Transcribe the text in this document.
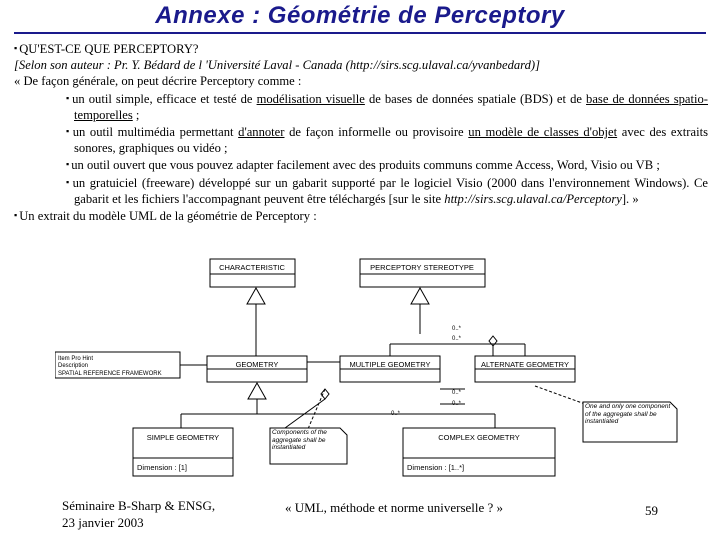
Annexe : Géométrie de Perceptory

▪ QU'EST-CE QUE PERCEPTORY?

[Selon son auteur : Pr. Y. Bédard de l 'Université Laval - Canada (http://sirs.scg.ulaval.ca/yvanbedard)]

« De façon générale, on peut décrire Perceptory comme :

▪ un outil simple, efficace et testé de modélisation visuelle de bases de données spatiale (BDS) et de base de données spatio-temporelles ;

▪ un outil multimédia permettant d'annoter de façon informelle ou provisoire un modèle de classes d'objet avec des extraits sonores, graphiques ou vidéo ;

▪ un outil ouvert que vous pouvez adapter facilement avec des produits communs comme Access, Word, Visio ou VB ;

▪ un gratuiciel (freeware) développé sur un gabarit supporté par le logiciel Visio (2000 dans l'environnement Windows). Ce gabarit et les fichiers l'accompagnant peuvent être téléchargés [sur le site http://sirs.scg.ulaval.ca/Perceptory]. »

▪ Un extrait du modèle UML de la géométrie de Perceptory :

CHARACTERISTIC	PERCEPTORY STEREOTYPE
GEOMETRY	MULTIPLE GEOMETRY	ALTERNATE GEOMETRY
SIMPLE GEOMETRY	COMPLEX GEOMETRY
Dimension : [1]	Dimension : [1..*]
Item Pro Hint
Description
SPATIAL REFERENCE FRAMEWORK
0..*
0..*
0..*
0..*
0..*
Components of the aggregate shall be instantiated
One and only one component of the aggregate shall be instantiated
Séminaire B-Sharp & ENSG,
23 janvier 2003
« UML, méthode et norme universelle ? »	59
